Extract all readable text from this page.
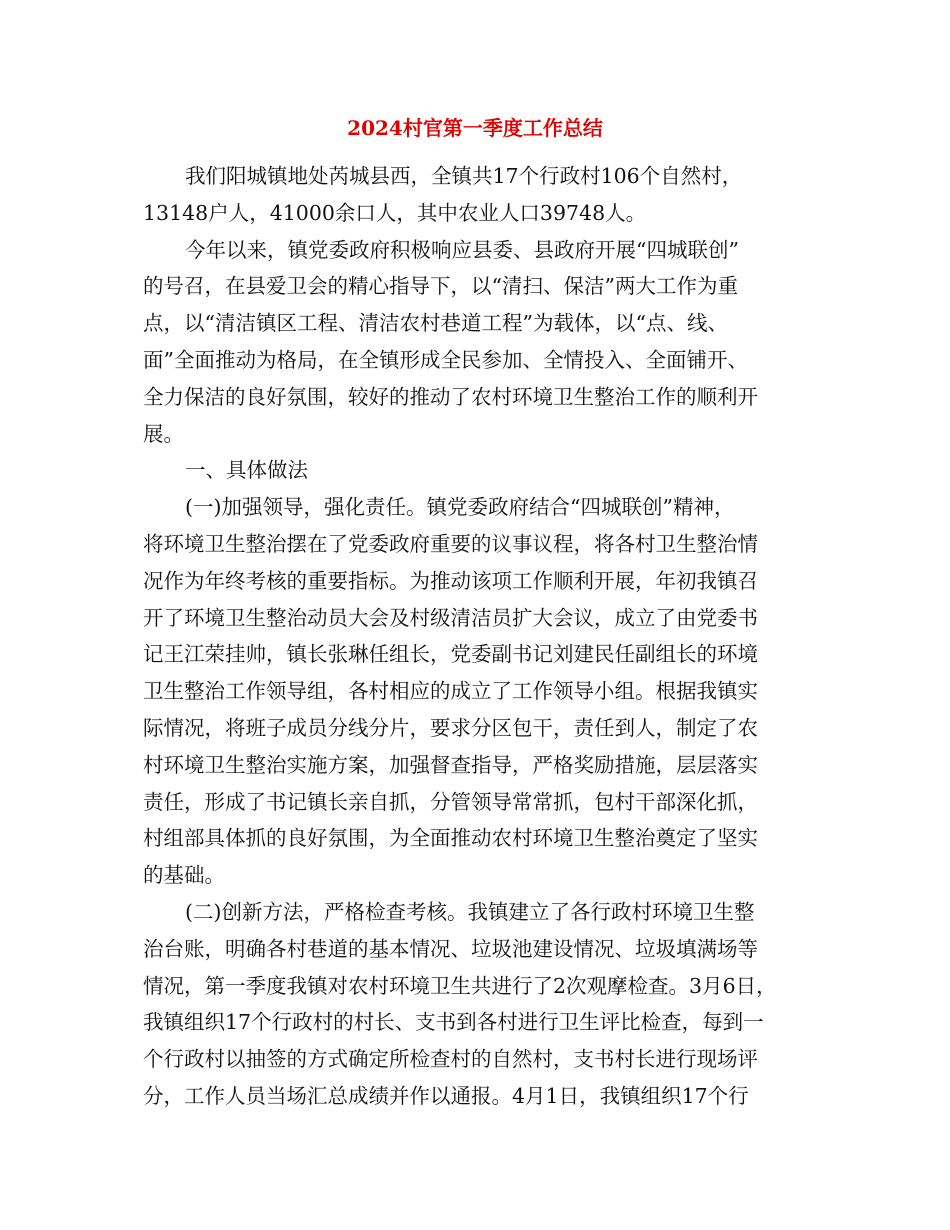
2024村官第一季度工作总结
我们阳城镇地处芮城县西，全镇共17个行政村106个自然村，
13148户人，41000余口人，其中农业人口39748人。
今年以来，镇党委政府积极响应县委、县政府开展“四城联创”
的号召，在县爱卫会的精心指导下，以“清扫、保洁”两大工作为重
点，以“清洁镇区工程、清洁农村巷道工程”为载体，以“点、线、
面”全面推动为格局，在全镇形成全民参加、全情投入、全面铺开、
全力保洁的良好氛围，较好的推动了农村环境卫生整治工作的顺利开
展。
一、具体做法
(一)加强领导，强化责任。镇党委政府结合“四城联创”精神，
将环境卫生整治摆在了党委政府重要的议事议程，将各村卫生整治情
况作为年终考核的重要指标。为推动该项工作顺利开展，年初我镇召
开了环境卫生整治动员大会及村级清洁员扩大会议，成立了由党委书
记王江荣挂帅，镇长张琳任组长，党委副书记刘建民任副组长的环境
卫生整治工作领导组，各村相应的成立了工作领导小组。根据我镇实
际情况，将班子成员分线分片，要求分区包干，责任到人，制定了农
村环境卫生整治实施方案，加强督查指导，严格奖励措施，层层落实
责任，形成了书记镇长亲自抓，分管领导常常抓，包村干部深化抓，
村组部具体抓的良好氛围，为全面推动农村环境卫生整治奠定了坚实
的基础。
(二)创新方法，严格检查考核。我镇建立了各行政村环境卫生整
治台账，明确各村巷道的基本情况、垃圾池建设情况、垃圾填满场等
情况，第一季度我镇对农村环境卫生共进行了2次观摩检查。3月6日，
我镇组织17个行政村的村长、支书到各村进行卫生评比检查，每到一
个行政村以抽签的方式确定所检查村的自然村，支书村长进行现场评
分，工作人员当场汇总成绩并作以通报。4月1日，我镇组织17个行
